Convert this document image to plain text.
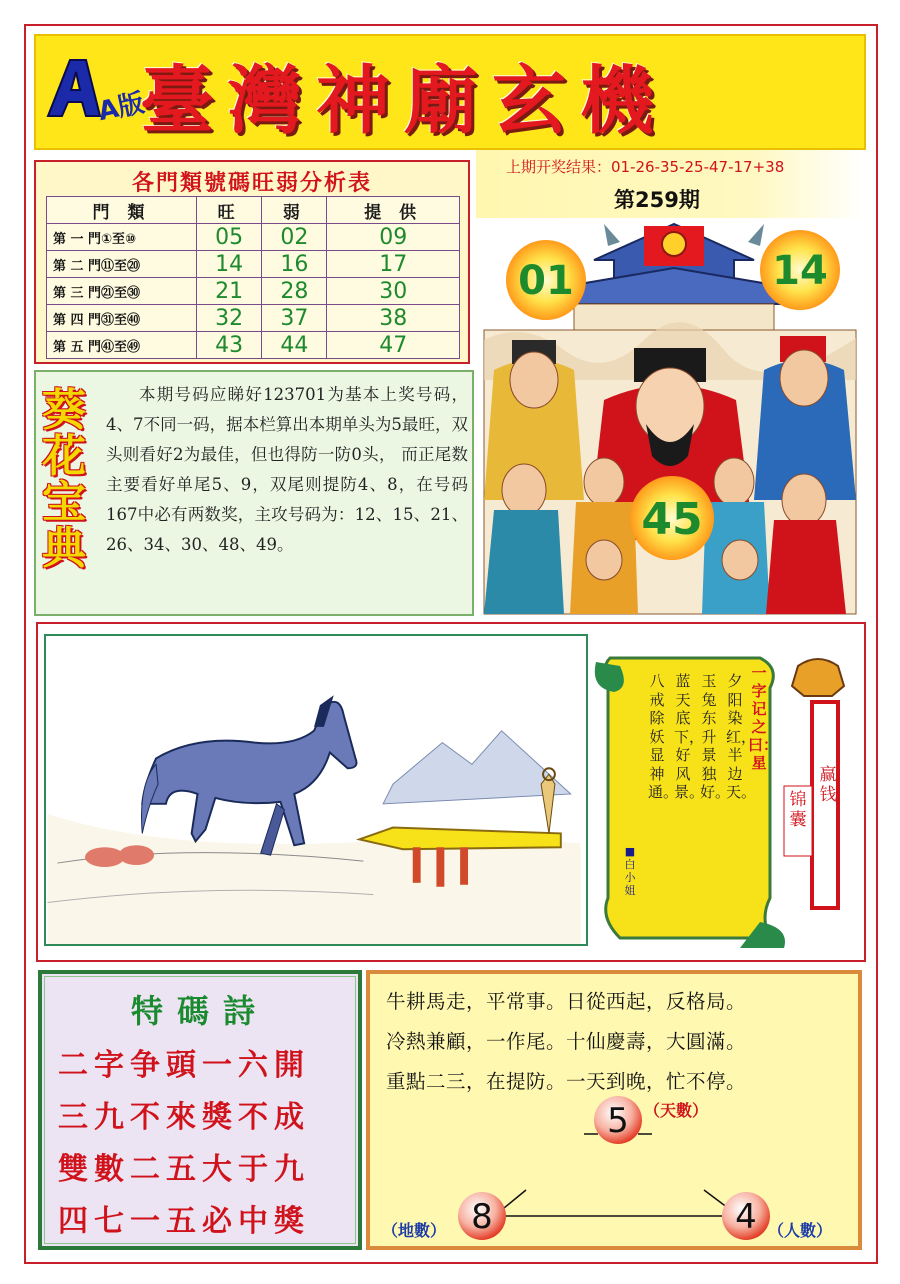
A版
臺灣神廟玄機
各門類號碼旺弱分析表
門 類	旺	弱	提 供
第 一 門①至⑩	05	02	09
第 二 門⑪至⑳	14	16	17
第 三 門㉑至㉚	21	28	30
第 四 門㉛至㊵	32	37	38
第 五 門㊶至㊾	43	44	47
上期开奖结果：01-26-35-25-47-17+38
第259期
01	14
45
葵花宝典
本期号码应睇好123701为基本上奖号码，4、7不同一码，据本栏算出本期单头为5最旺，双头则看好2为最佳，但也得防一防0头， 而正尾数主要看好单尾5、9，双尾则提防4、8，在号码167中必有两数奖，主攻号码为：12、15、21、26、34、30、48、49。
一字记之曰：星
夕阳染红，半边天。
玉兔东升景独好。
蓝天底下，好风景。
八戒除妖显神通。
■白小姐
赢钱
锦囊
特碼詩
二字争頭一六開
三九不來獎不成
雙數二五大于九
四七一五必中獎
牛耕馬走，平常事。日從西起，反格局。
冷熱兼顧，一作尾。十仙慶壽，大圓滿。
重點二三，在提防。一天到晚，忙不停。
5 （天數）
8
（地數）	4 （人數）
